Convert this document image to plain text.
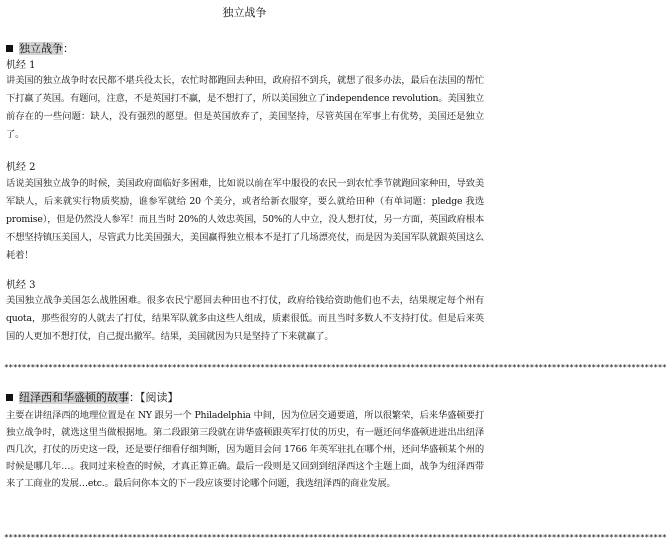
独立战争
独立战争：
机经 1
讲美国的独立战争时农民都不堪兵役太长，农忙时都跑回去种田，政府招不到兵，就想了很多办法，最后在法国的帮忙下打赢了英国。有题问，注意，不是英国打不赢，是不想打了，所以美国独立了independence revolution。美国独立前存在的一些问题：缺人，没有强烈的愿望。但是英国放弃了，美国坚持，尽管英国在军事上有优势，美国还是独立了。
机经 2
话说美国独立战争的时候，美国政府面临好多困难，比如说以前在军中服役的农民一到农忙季节就跑回家种田，导致美军缺人，后来就实行物质奖励，谁参军就给 20 个美分，或者给新衣服穿，要么就给田种（有单词题：pledge 我选 promise），但是仍然没人参军！而且当时 20%的人效忠英国，50%的人中立，没人想打仗，另一方面，英国政府根本不想坚持镇压美国人，尽管武力比美国强大，美国赢得独立根本不是打了几场漂亮仗，而是因为美国军队就跟英国这么耗着！
机经 3
美国独立战争美国怎么战胜困难。很多农民宁愿回去种田也不打仗，政府给钱给资助他们也不去，结果规定每个州有 quota，那些很穷的人就去了打仗，结果军队就多由这些人组成，质素很低。而且当时多数人不支持打仗。但是后来英国的人更加不想打仗，自己提出撤军。结果，美国就因为只是坚持了下来就赢了。
******************************************************************************************************************************************************
纽泽西和华盛顿的故事：【阅读】
主要在讲纽泽西的地理位置是在 NY 跟另一个 Philadelphia 中间，因为位居交通要道，所以很繁荣，后来华盛顿要打独立战争时，就选这里当做根据地。第二段跟第三段就在讲华盛顿跟英军打仗的历史，有一题还问华盛顿进进出出纽泽西几次，打仗的历史这一段，还是要仔细看仔细判断，因为题目会问 1766 年英军驻扎在哪个州，还问华盛顿某个州的时候是哪几年…。我同过来检查的时候，才真正算正确。最后一段则是又回到到纽泽西这个主题上面，战争为纽泽西带来了工商业的发展…etc.。最后问你本文的下一段应该要讨论哪个问题，我选纽泽西的商业发展。
******************************************************************************************************************************************************
